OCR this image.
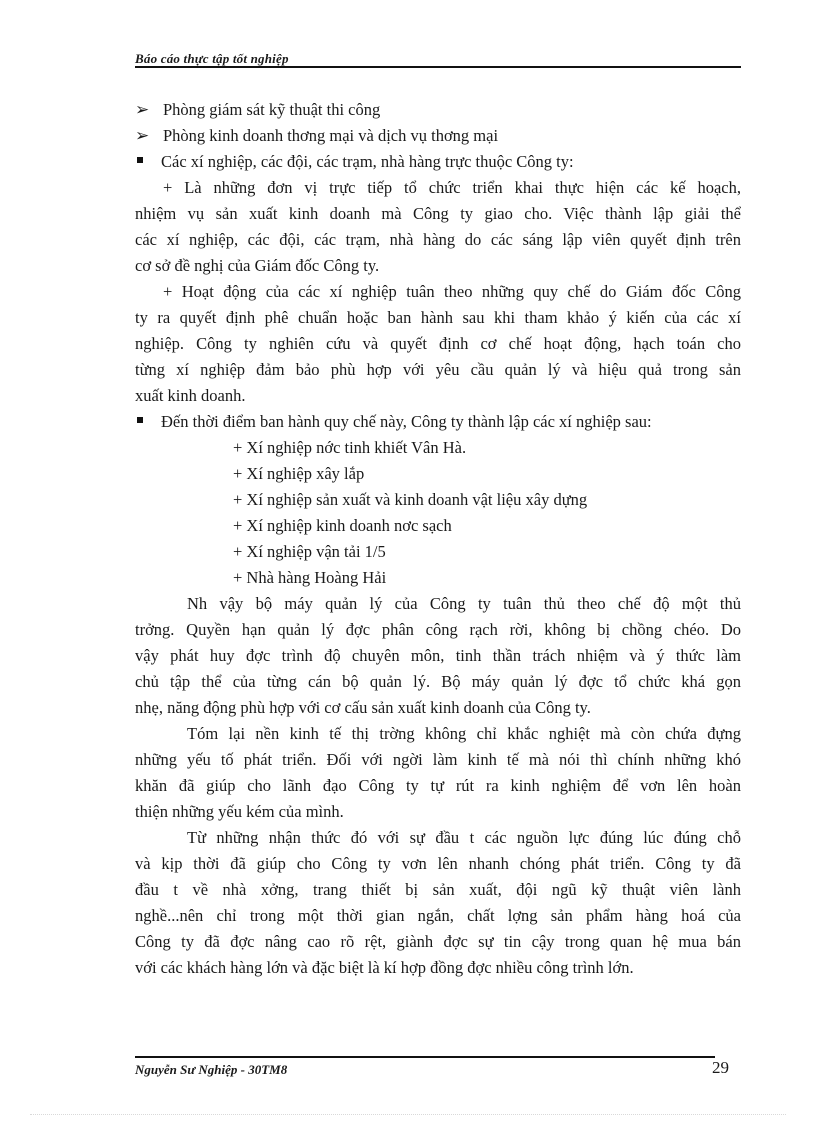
Báo cáo thực tập tốt nghiệp
➢ Phòng giám sát kỹ thuật thi công
➢ Phòng kinh doanh thơng mại và dịch vụ thơng mại
Các xí nghiệp, các đội, các trạm, nhà hàng trực thuộc Công ty:
+ Là những đơn vị trực tiếp tổ chức triển khai thực hiện các kế hoạch,
nhiệm vụ sản xuất kinh doanh mà Công ty giao cho. Việc thành lập giải thể
các xí nghiệp, các đội, các trạm, nhà hàng do các sáng lập viên quyết định trên
cơ sở đề nghị của Giám đốc Công ty.
+ Hoạt động của các xí nghiệp tuân theo những quy chế do Giám đốc Công
ty ra quyết định phê chuẩn hoặc ban hành sau khi tham khảo ý kiến của các xí
nghiệp. Công ty nghiên cứu và quyết định cơ chế hoạt động, hạch toán cho
từng xí nghiệp đảm bảo phù hợp với yêu cầu quản lý và hiệu quả trong sản
xuất kinh doanh.
Đến thời điểm ban hành quy chế này, Công ty thành lập các xí nghiệp sau:
+ Xí nghiệp nớc tinh khiết Vân Hà.
+ Xí nghiệp xây lắp
+ Xí nghiệp sản xuất và kinh doanh vật liệu xây dựng
+ Xí nghiệp kinh doanh nơc sạch
+ Xí nghiệp vận tải 1/5
+ Nhà hàng Hoàng Hải
Nh vậy bộ máy quản lý của Công ty tuân thủ theo chế độ một thủ
trởng. Quyền hạn quản lý đợc phân công rạch rời, không bị chồng chéo. Do
vậy phát huy đợc trình độ chuyên môn, tinh thần trách nhiệm và ý thức làm
chủ tập thể của từng cán bộ quản lý. Bộ máy quản lý đợc tổ chức khá gọn
nhẹ, năng động phù hợp với cơ cấu sản xuất kinh doanh của Công ty.
Tóm lại nền kinh tế thị trờng không chỉ khắc nghiệt mà còn chứa đựng
những yếu tố phát triển. Đối với ngời làm kinh tế mà nói thì chính những khó
khăn đã giúp cho lãnh đạo Công ty tự rút ra kinh nghiệm để vơn lên hoàn
thiện những yếu kém của mình.
Từ những nhận thức đó với sự đầu t các nguồn lực đúng lúc đúng chỗ
và kịp thời đã giúp cho Công ty vơn lên nhanh chóng phát triển. Công ty đã
đầu t về nhà xởng, trang thiết bị sản xuất, đội ngũ kỹ thuật viên lành
nghề...nên chỉ trong một thời gian ngắn, chất lợng sản phẩm hàng hoá của
Công ty đã đợc nâng cao rõ rệt, giành đợc sự tin cậy trong quan hệ mua bán
với các khách hàng lớn và đặc biệt là kí hợp đồng đợc nhiều công trình lớn.
Nguyễn Sư Nghiệp - 30TM8	29
